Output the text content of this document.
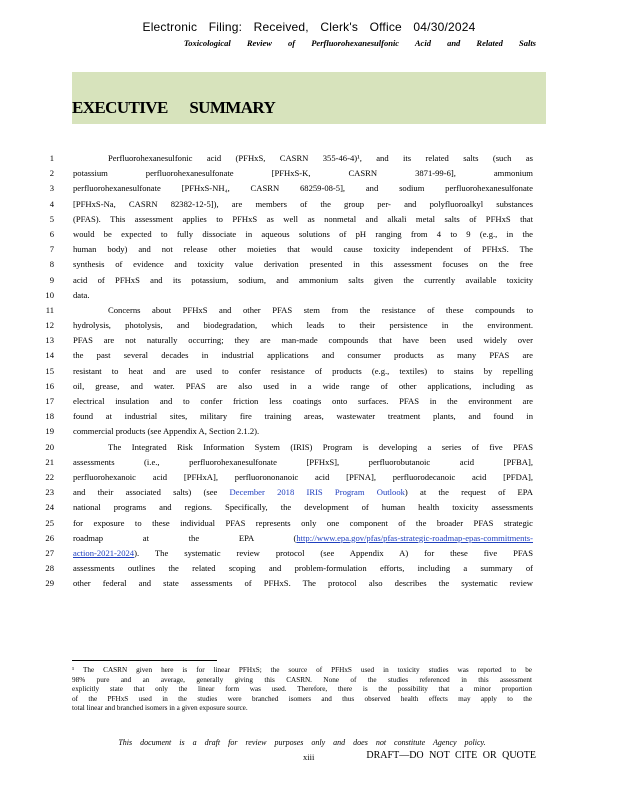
Electronic Filing: Received, Clerk's Office 04/30/2024
Toxicological Review of Perfluorohexanesulfonic Acid and Related Salts
EXECUTIVE SUMMARY
1	Perfluorohexanesulfonic acid (PFHxS, CASRN 355-46-4)¹, and its related salts (such as
2 potassium perfluorohexanesulfonate [PFHxS-K, CASRN 3871-99-6], ammonium
3 perfluorohexanesulfonate [PFHxS-NH₄, CASRN 68259-08-5], and sodium perfluorohexanesulfonate
4 [PFHxS-Na, CASRN 82382-12-5]), are members of the group per- and polyfluoroalkyl substances
5 (PFAS). This assessment applies to PFHxS as well as nonmetal and alkali metal salts of PFHxS that
6 would be expected to fully dissociate in aqueous solutions of pH ranging from 4 to 9 (e.g., in the
7 human body) and not release other moieties that would cause toxicity independent of PFHxS. The
8 synthesis of evidence and toxicity value derivation presented in this assessment focuses on the free
9 acid of PFHxS and its potassium, sodium, and ammonium salts given the currently available toxicity
10 data.
11	Concerns about PFHxS and other PFAS stem from the resistance of these compounds to
12 hydrolysis, photolysis, and biodegradation, which leads to their persistence in the environment.
13 PFAS are not naturally occurring; they are man-made compounds that have been used widely over
14 the past several decades in industrial applications and consumer products as many PFAS are
15 resistant to heat and are used to confer resistance of products (e.g., textiles) to stains by repelling
16 oil, grease, and water. PFAS are also used in a wide range of other applications, including as
17 electrical insulation and to confer friction less coatings onto surfaces. PFAS in the environment are
18 found at industrial sites, military fire training areas, wastewater treatment plants, and found in
19 commercial products (see Appendix A, Section 2.1.2).
20	The Integrated Risk Information System (IRIS) Program is developing a series of five PFAS
21 assessments (i.e., perfluorohexanesulfonate [PFHxS], perfluorobutanoic acid [PFBA],
22 perfluorohexanoic acid [PFHxA], perfluorononanoic acid [PFNA], perfluorodecanoic acid [PFDA],
23 and their associated salts) (see December 2018 IRIS Program Outlook) at the request of EPA
24 national programs and regions. Specifically, the development of human health toxicity assessments
25 for exposure to these individual PFAS represents only one component of the broader PFAS strategic
26 roadmap at the EPA (http://www.epa.gov/pfas/pfas-strategic-roadmap-epas-commitments-
27 action-2021-2024). The systematic review protocol (see Appendix A) for these five PFAS
28 assessments outlines the related scoping and problem-formulation efforts, including a summary of
29 other federal and state assessments of PFHxS. The protocol also describes the systematic review
¹ The CASRN given here is for linear PFHxS; the source of PFHxS used in toxicity studies was reported to be
98% pure and an average, generally giving this CASRN. None of the studies referenced in this assessment
explicitly state that only the linear form was used. Therefore, there is the possibility that a minor proportion
of the PFHxS used in the studies were branched isomers and thus observed health effects may apply to the
total linear and branched isomers in a given exposure source.
This document is a draft for review purposes only and does not constitute Agency policy.
xiii	DRAFT—DO NOT CITE OR QUOTE
